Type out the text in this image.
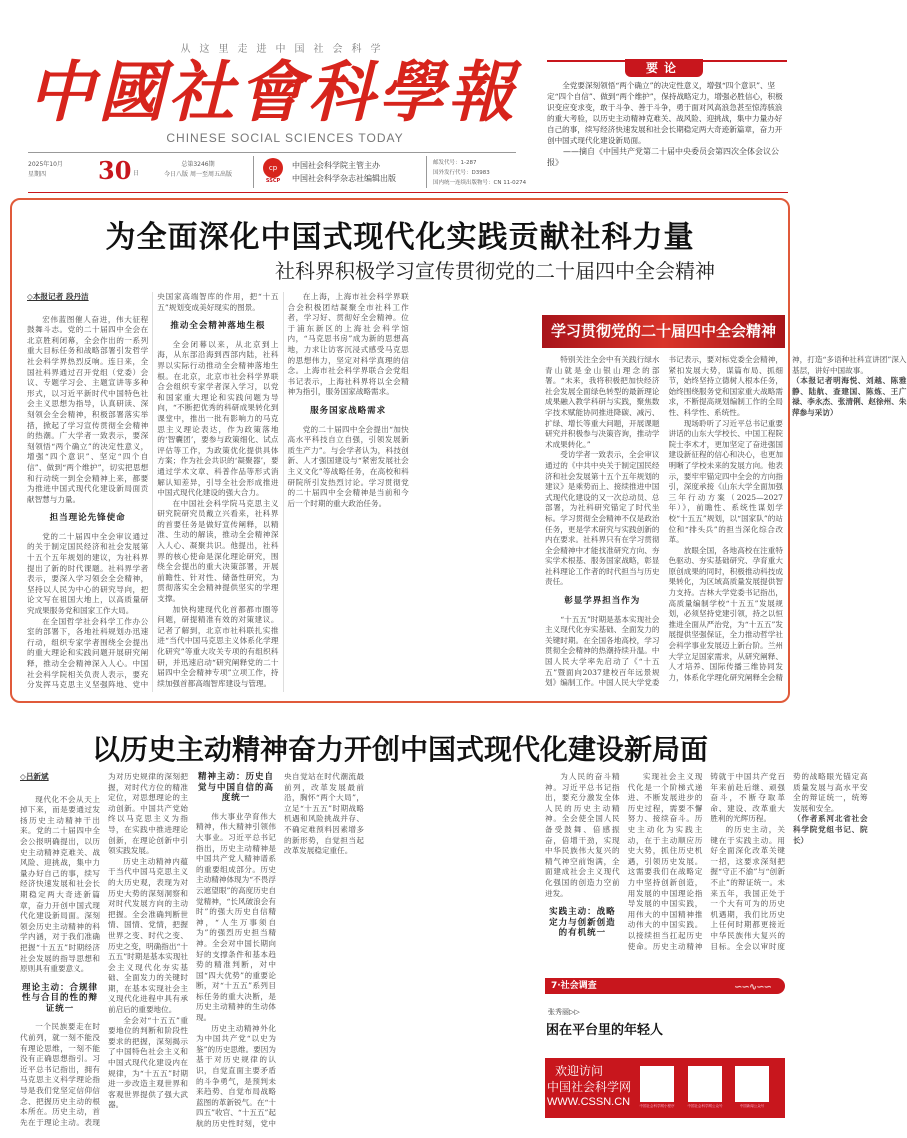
从这里走进中国社会科学
中國社會科學報
CHINESE SOCIAL SCIENCES TODAY
要论

全党要深刻领悟“两个确立”的决定性意义，增强“四个意识”、坚定“四个自信”、做到“两个维护”，保持战略定力，增强必胜信心，积极识变应变求变，敢于斗争、善于斗争，勇于面对风高浪急甚至惊涛骇浪的重大考验，以历史主动精神克难关、战风险、迎挑战，集中力量办好自己的事，续写经济快速发展和社会长期稳定两大奇迹新篇章，奋力开创中国式现代化建设新局面。

——摘自《中国共产党第二十届中央委员会第四次全体会议公报》

2025年10月
星期四	30 日
总第3246期
今日八版 周一至周五出版
cp
SSCP
中国社会科学院主管主办
中国社会科学杂志社编辑出版
邮发代号：1-287
国外发行代号：D3983
国内统一连续出版物号：CN 11-0274
为全面深化中国式现代化实践贡献社科力量
社科界积极学习宣传贯彻党的二十届四中全会精神
学习贯彻党的二十届四中全会精神

◇本报记者 段丹洁

宏伟蓝图催人奋进，伟大征程鼓舞斗志。党的二十届四中全会在北京胜利闭幕，全会作出的一系列重大目标任务和战略部署引发哲学社会科学界热烈反响。连日来，全国社科界通过召开党组（党委）会议、专题学习会、主题宣讲等多种形式，以习近平新时代中国特色社会主义思想为指导，认真研读、深刻领会全会精神，积极部署落实举措，掀起了学习宣传贯彻全会精神的热潮。广大学者一致表示，要深刻领悟“两个确立”的决定性意义，增强“四个意识”、坚定“四个自信”、做到“两个维护”，切实把思想和行动统一到全会精神上来，都要为推进中国式现代化建设新局面贡献智慧与力量。

担当理论先锋使命

党的二十届四中全会审议通过的关于制定国民经济和社会发展第十五个五年规划的建议，为社科界提出了新的时代课题。社科界学者表示，要深入学习领会全会精神，坚持以人民为中心的研究导向，把论文写在祖国大地上，以高质量研究成果服务党和国家工作大局。

在全国哲学社会科学工作办公室的部署下，各地社科规划办迅速行动，组织专家学者围绕全会提出的重大理论和实践问题开展研究阐释，推动全会精神深入人心。中国社会科学院相关负责人表示，要充分发挥马克思主义坚强阵地、党中央国家高端智库的作用，把“十五五”规划变成美好现实的图景。

推动全会精神落地生根

全会闭幕以来，从北京到上海，从东部沿海到西部内陆，社科界以实际行动推动全会精神落地生根。在北京，北京市社会科学界联合会组织专家学者深入学习，以党和国家重大理论和实践问题为导向，“不断把优秀的科研成果转化到课堂中，推出一批有影响力的马克思主义理论表达，作为政策落地的‘智囊团’，要参与政策细化、试点评估等工作，为政策优化提供具体方案；作为社会共识的‘凝聚器’，要通过学术文章、科普作品等形式消解认知差异，引导全社会形成推进中国式现代化建设的强大合力。

在中国社会科学院马克思主义研究院研究员戴立兴看来，社科界的首要任务是做好宣传阐释，以精准、生动的解读，推动全会精神深入人心、凝聚共识。他提出，社科界的核心使命是深化理论研究，围绕全会提出的重大决策部署，开展前瞻性、针对性、储备性研究，为贯彻落实全会精神提供坚实的学理支撑。

加快构建现代化首都都市圈等问题，研提精准有效的对策建议。记者了解到，北京市社科联扎实推进“当代中国马克思主义体系化学理化研究”等重大攻关专项的有组织科研，并迅速启动“研究阐释党的二十届四中全会精神专项”立项工作，持续加强首都高端智库建设与管理。

在上海，上海市社会科学界联合会积极团结凝聚全市社科工作者，学习好、贯彻好全会精神。位于浦东新区的上海社会科学馆内，“马克思书房”成为新的思想高地，力求让访客沉浸式感受马克思的思想伟力，坚定对科学真理的信念。上海市社会科学界联合会党组书记表示，上海社科界将以全会精神为指引，服务国家战略需求。

服务国家战略需求

党的二十届四中全会提出“加快高水平科技自立自强，引领发展新质生产力”。与会学者认为，科技创新、人才强国建设与“紧密发展社会主义文化”等战略任务，在高校和科研院所引发热烈讨论。学习贯彻党的二十届四中全会精神是当前和今后一个时期的重大政治任务。

特别关注全会中有关践行绿水青山就是金山银山理念的部署。“未来，我将积极把加快经济社会发展全面绿色转型的最新理论成果融入教学科研与实践，聚焦数字技术赋能协同推进降碳、减污、扩绿、增长等重大问题，开展课题研究并积极参与决策咨询，推动学术成果转化。”

受访学者一致表示，全会审议通过的《中共中央关于制定国民经济和社会发展第十五个五年规划的建议》是乘势而上、接续推进中国式现代化建设的又一次总动员、总部署，为社科研究锚定了时代坐标。学习贯彻全会精神不仅是政治任务，更是学术研究与实践创新的内在要求。社科界只有在学习贯彻全会精神中才能找准研究方向、夯实学术根基、服务国家战略，彰显社科理论工作者的时代担当与历史责任。

彰显学界担当作为

“十五五”时期是基本实现社会主义现代化夯实基础、全面发力的关键时期。在全国各地高校，学习贯彻全会精神的热潮持续升温。中国人民大学率先启动了《“十五五”暨面向2037建校百年远景规划》编制工作。中国人民大学党委书记表示，要对标党委全会精神，紧扣发展大势，谋篇布局、抓细节，始终坚持立德树人根本任务，始终围绕服务党和国家重大战略需求，不断提高规划编制工作的全局性、科学性、系统性。

现场聆听了习近平总书记重要讲话的山东大学校长、中国工程院院士李术才，更加坚定了奋进强国建设新征程的信心和决心，也更加明晰了学校未来的发展方向。他表示，要牢牢锚定四中全会的方向指引，深度承接《山东大学全面加强三年行动方案（2025—2027年）》，前瞻性、系统性谋划学校“十五五”规划，以“国家队”的站位和“排头兵”的担当深化综合改革。

放眼全国，各地高校在注重特色驱动、夯实基础研究、孕育重大原创成果的同时，积极推动科技成果转化，为区域高质量发展提供智力支持。吉林大学党委书记指出，高质量编制学校“十五五”发展规划，必须坚持党建引领，持之以恒推进全面从严治党，为“十五五”发展提供坚强保证，全力推动哲学社会科学事业发展迈上新台阶。兰州大学立足国家需求，从研究阐释、人才培养、国际传播三维协同发力，体系化学理化研究阐释全会精神，打造“多语种社科宣讲团”深入基层，讲好中国故事。

（本报记者明海悦、刘越、陈雅静、陆航、查建国、陈炼、王广禄、李永杰、张清俐、赵徐州、朱萍参与采访）

以历史主动精神奋力开创中国式现代化建设新局面

◇吕新斌

现代化不会从天上掉下来，而是要通过发扬历史主动精神干出来。党的二十届四中全会公报明确提出，以历史主动精神克难关、战风险、迎挑战，集中力量办好自己的事，续写经济快速发展和社会长期稳定两大奇迹新篇章，奋力开创中国式现代化建设新局面。深刻领会历史主动精神的科学内涵，对于我们准确把握“十五五”时期经济社会发展的指导思想和原则具有重要意义。

理论主动：合规律性与合目的性的辩证统一

一个民族要走在时代前列，就一刻不能没有理论思维，一刻不能没有正确思想指引。习近平总书记指出，拥有马克思主义科学理论指导是我们党坚定信仰信念、把握历史主动的根本所在。历史主动，首先在于理论主动。表现为对历史规律的深刻把握，对时代方位的精准定位，对思想理论的主动创新。中国共产党始终以马克思主义为指导，在实践中推进理论创新，在理论创新中引领实践发展。

历史主动精神内蕴于当代中国马克思主义的大历史观，表现为对历史大势的深刻洞察和对时代发展方向的主动把握。全会准确判断世情、国情、党情，把握世界之变、时代之变、历史之变，明确指出“十五五”时期是基本实现社会主义现代化夯实基础、全面发力的关键时期，在基本实现社会主义现代化进程中具有承前启后的重要地位。

全会对“十五五”重要地位的判断和阶段性要求的把握，深刻揭示了中国特色社会主义和中国式现代化建设内在规律，为“十五五”时期进一步改造主观世界和客观世界提供了强大武器。

精神主动：历史自觉与中国自信的高度统一

伟大事业孕育伟大精神，伟大精神引领伟大事业。习近平总书记指出，历史主动精神是中国共产党人精神谱系的重要组成部分。历史主动精神体现为“不畏浮云遮望眼”的高度历史自觉精神，“长风破浪会有时”的强大历史自信精神，“人生万事须自为”的强烈历史担当精神。全会对中国长期向好的支撑条件和基本趋势的精准判断，对中国“四大优势”的重要论断，对“十五五”系列目标任务的重大决断，是历史主动精神的生动体现。

历史主动精神外化为中国共产党“以史为鉴”的历史思维。要因为基于对历史规律的认识，自觉直面主要矛盾的斗争勇气，是预判未来趋势、自觉布局战略蓝图的革新锐气。在“十四五”收官、“十五五”起航的历史性时刻，党中央自觉站在时代潮流最前列，改革发展最前沿，胸怀“两个大局”，立足“十五五”时期战略机遇和风险挑战并存、不确定难预料因素增多的新形势，自觉担当起改革发展稳定重任。

为人民的奋斗精神。习近平总书记指出，要充分激发全体人民的历史主动精神。全会使全国人民备受鼓舞、倍感振奋，倍增干劲，实现中华民族伟大复兴的精气神空前饱满，全面建成社会主义现代化强国的创造力空前迸发。

实践主动：战略定力与创新创造的有机统一

实现社会主义现代化是一个阶梯式递进、不断发展进步的历史过程，需要不懈努力、接续奋斗。历史主动化为实践主动，在于主动顺应历史大势，抓住历史机遇，引领历史发展。这需要我们在战略定力中坚持创新创造，用发展的中国理论指导发展的中国实践，用伟大的中国精神推动伟大的中国实践。以接续担当扛起历史使命。历史主动精神铸就于中国共产党百年来前赴后继、顽强奋斗，不断夺取革命、建设、改革重大胜利的光辉历程。

的历史主动，关键在于实践主动。用好全面深化改革关键一招，这要求深刻把握“守正不渝”与“创新不止”的辩证统一。未来五年，我国正处于一个大有可为的历史机遇期，我们比历史上任何时期都更接近中华民族伟大复兴的目标。全会以审时度势的战略眼光锚定高质量发展与高水平安全的辩证统一，统筹发展和安全。

（作者系河北省社会科学院党组书记、院长）

7·社会调查	∽∽∿∽∽
张秀丽▷▷
困在平台里的年轻人
欢迎访问
中国社会科学网
WWW.CSSN.CN	中国社会科学网小程序	中国社会科学网公众号	中国新闻公众号
